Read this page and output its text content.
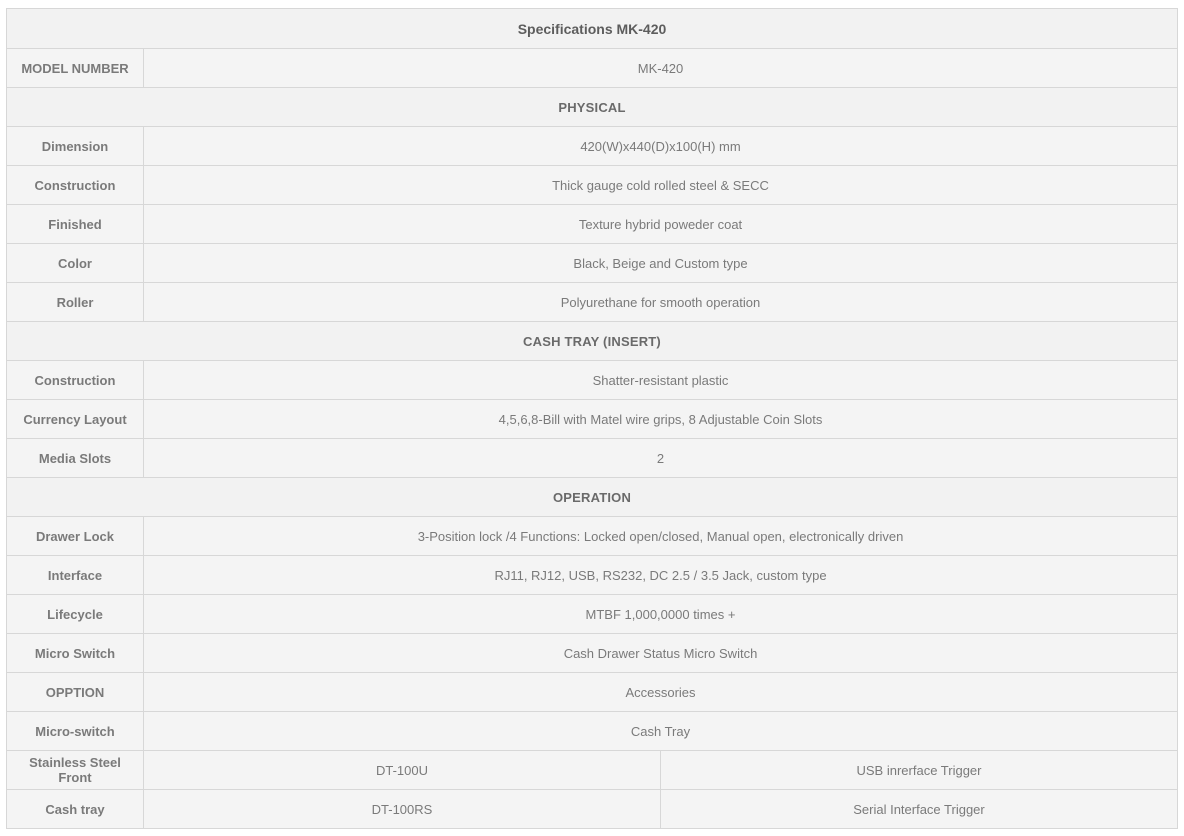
Specifications MK-420		
MODEL NUMBER	MK-420	
PHYSICAL		
Dimension	420(W)x440(D)x100(H) mm	
Construction	Thick gauge cold rolled steel & SECC	
Finished	Texture hybrid poweder coat	
Color	Black, Beige and Custom type	
Roller	Polyurethane for smooth operation	
CASH TRAY (INSERT)		
Construction	Shatter-resistant plastic	
Currency Layout	4,5,6,8-Bill with Matel wire grips, 8 Adjustable Coin Slots	
Media Slots	2	
OPERATION		
Drawer Lock	3-Position lock /4 Functions: Locked open/closed, Manual open, electronically driven	
Interface	RJ11, RJ12, USB, RS232, DC 2.5 / 3.5 Jack, custom type	
Lifecycle	MTBF 1,000,0000 times +	
Micro Switch	Cash Drawer Status Micro Switch	
OPPTION	Accessories	
Micro-switch	Cash Tray	
Stainless Steel Front	DT-100U	USB inrerface Trigger
Cash tray	DT-100RS	Serial Interface Trigger
